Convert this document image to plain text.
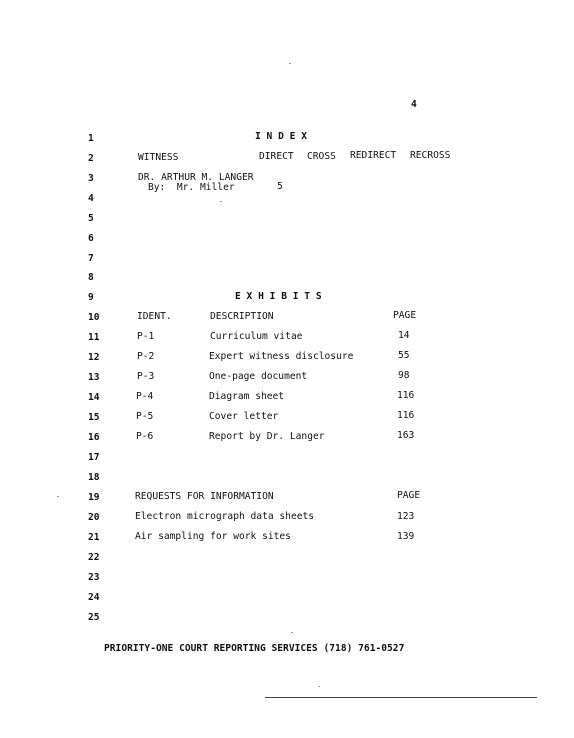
4
1
2
3
4
5
6
7
8
9
10
11
12
13
14
15
16
17
18
19
20
21
22
23
24
25
I N D E X
WITNESS	DIRECT CROSS REDIRECT RECROSS
DR. ARTHUR M. LANGER
By:  Mr. Miller	5
E X H I B I T S
IDENT.	DESCRIPTION	PAGE
P-1	Curriculum vitae	14
P-2	Expert witness disclosure	55
P-3	One-page document	98
P-4	Diagram sheet	116
P-5	Cover letter	116
P-6	Report by Dr. Langer	163
REQUESTS FOR INFORMATION	PAGE
Electron micrograph data sheets	123
Air sampling for work sites	139
PRIORITY-ONE COURT REPORTING SERVICES (718) 761-0527
